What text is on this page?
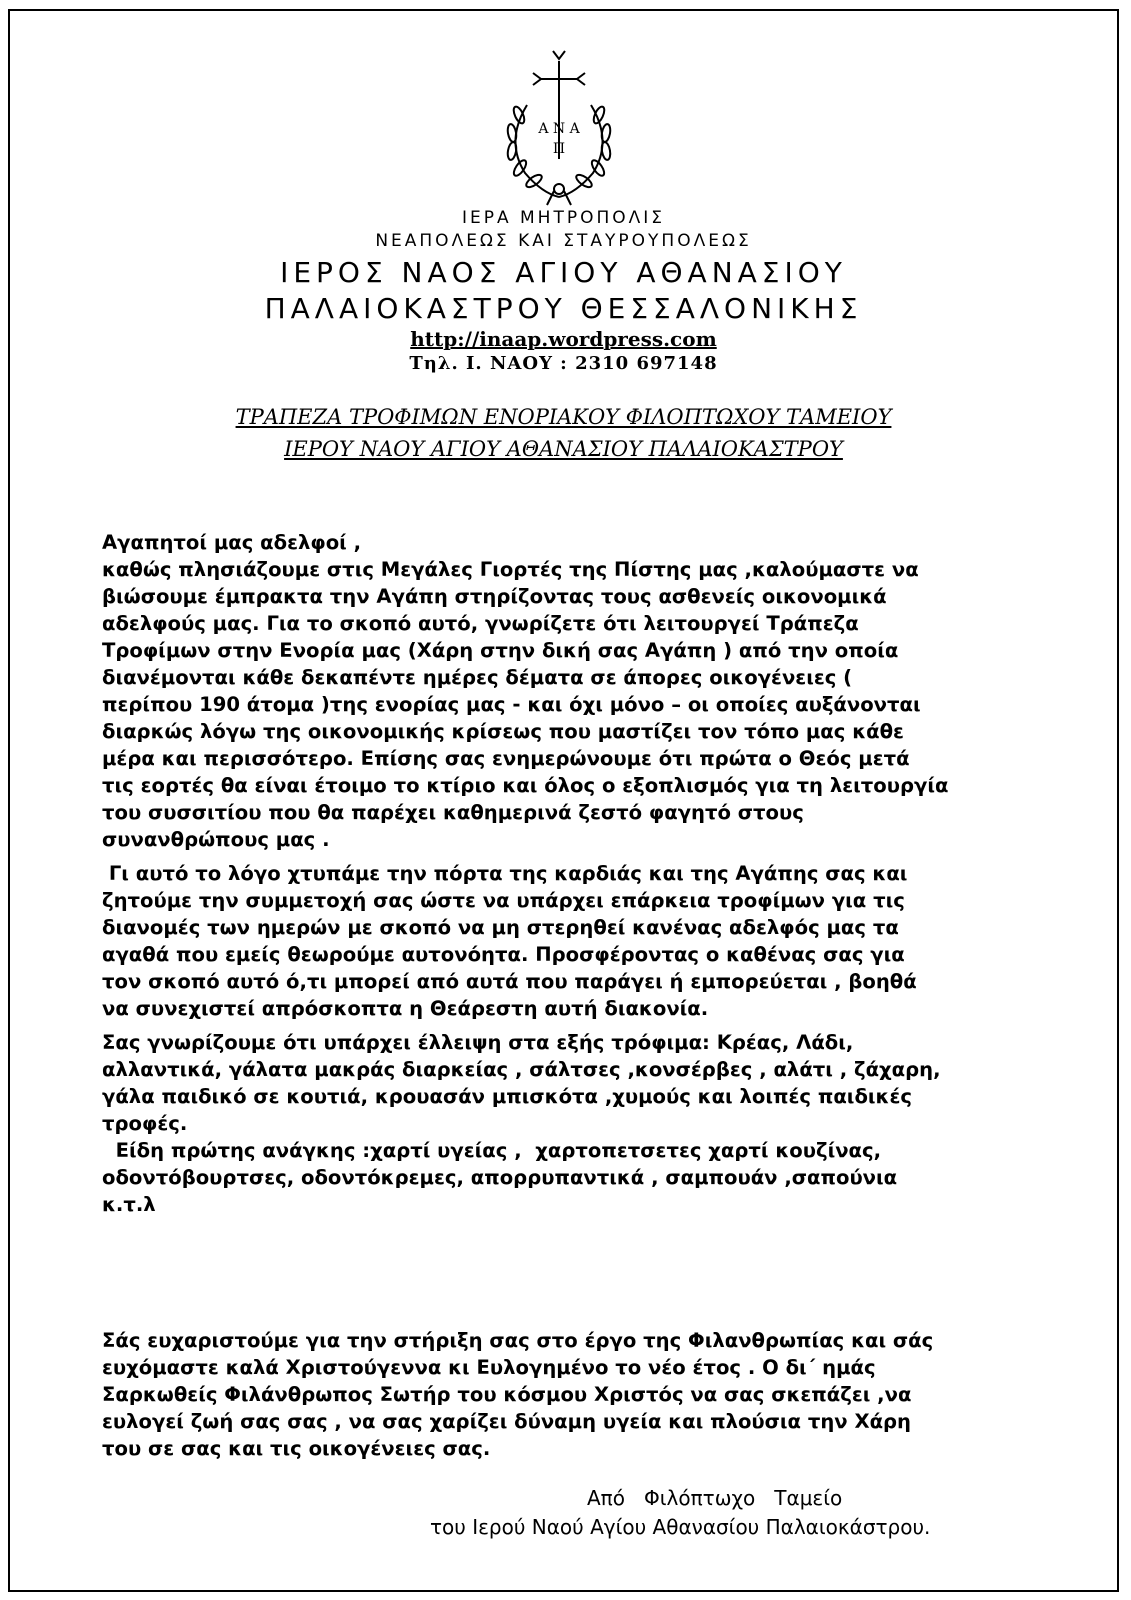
Α Ν Α
Π
ΙΕΡΑ ΜΗΤΡΟΠΟΛΙΣ
ΝΕΑΠΟΛΕΩΣ ΚΑΙ ΣΤΑΥΡΟΥΠΟΛΕΩΣ
ΙΕΡΟΣ ΝΑΟΣ ΑΓΙΟΥ ΑΘΑΝΑΣΙΟΥ
ΠΑΛΑΙΟΚΑΣΤΡΟΥ ΘΕΣΣΑΛΟΝΙΚΗΣ
http://inaap.wordpress.com
Τηλ. Ι. ΝΑΟΥ : 2310 697148
ΤΡΑΠΕΖΑ ΤΡΟΦΙΜΩΝ ΕΝΟΡΙΑΚΟΥ ΦΙΛΟΠΤΩΧΟΥ ΤΑΜΕΙΟΥ
ΙΕΡΟΥ ΝΑΟΥ ΑΓΙΟΥ ΑΘΑΝΑΣΙΟΥ ΠΑΛΑΙΟΚΑΣΤΡΟΥ

Αγαπητοί μας αδελφοί ,

καθώς πλησιάζουμε στις Μεγάλες Γιορτές της Πίστης μας ,καλούμαστε να

βιώσουμε έμπρακτα την Αγάπη στηρίζοντας τους ασθενείς οικονομικά

αδελφούς μας. Για το σκοπό αυτό, γνωρίζετε ότι λειτουργεί Τράπεζα

Τροφίμων στην Ενορία μας (Χάρη στην δική σας Αγάπη ) από την οποία

διανέμονται κάθε δεκαπέντε ημέρες δέματα σε άπορες οικογένειες (

περίπου 190 άτομα )της ενορίας μας - και όχι μόνο – οι οποίες αυξάνονται

διαρκώς λόγω της οικονομικής κρίσεως που μαστίζει τον τόπο μας κάθε

μέρα και περισσότερο. Επίσης σας ενημερώνουμε ότι πρώτα ο Θεός μετά

τις εορτές θα είναι έτοιμο το κτίριο και όλος ο εξοπλισμός για τη λειτουργία

του συσσιτίου που θα παρέχει καθημερινά ζεστό φαγητό στους

συνανθρώπους μας .

Γι αυτό το λόγο χτυπάμε την πόρτα της καρδιάς και της Αγάπης σας και

ζητούμε την συμμετοχή σας ώστε να υπάρχει επάρκεια τροφίμων για τις

διανομές των ημερών με σκοπό να μη στερηθεί κανένας αδελφός μας τα

αγαθά που εμείς θεωρούμε αυτονόητα. Προσφέροντας ο καθένας σας για

τον σκοπό αυτό ό,τι μπορεί από αυτά που παράγει ή εμπορεύεται , βοηθά

να συνεχιστεί απρόσκοπτα η Θεάρεστη αυτή διακονία.

Σας γνωρίζουμε ότι υπάρχει έλλειψη στα εξής τρόφιμα: Κρέας, Λάδι,

αλλαντικά, γάλατα μακράς διαρκείας , σάλτσες ,κονσέρβες , αλάτι , ζάχαρη,

γάλα παιδικό σε κουτιά, κρουασάν μπισκότα ,χυμούς και λοιπές παιδικές

τροφές.

Είδη πρώτης ανάγκης :χαρτί υγείας ,  χαρτοπετσετες χαρτί κουζίνας,

οδοντόβουρτσες, οδοντόκρεμες, απορρυπαντικά , σαμπουάν ,σαπούνια

κ.τ.λ

Σάς ευχαριστούμε για την στήριξη σας στο έργο της Φιλανθρωπίας και σάς

ευχόμαστε καλά Χριστούγεννα κι Ευλογημένο το νέο έτος . Ο δι΄ ημάς

Σαρκωθείς Φιλάνθρωπος Σωτήρ του κόσμου Χριστός να σας σκεπάζει ,να

ευλογεί ζωή σας σας , να σας χαρίζει δύναμη υγεία και πλούσια την Χάρη

του σε σας και τις οικογένειες σας.

Από   Φιλόπτωχο   Ταμείο
του Ιερού Ναού Αγίου Αθανασίου Παλαιοκάστρου.
